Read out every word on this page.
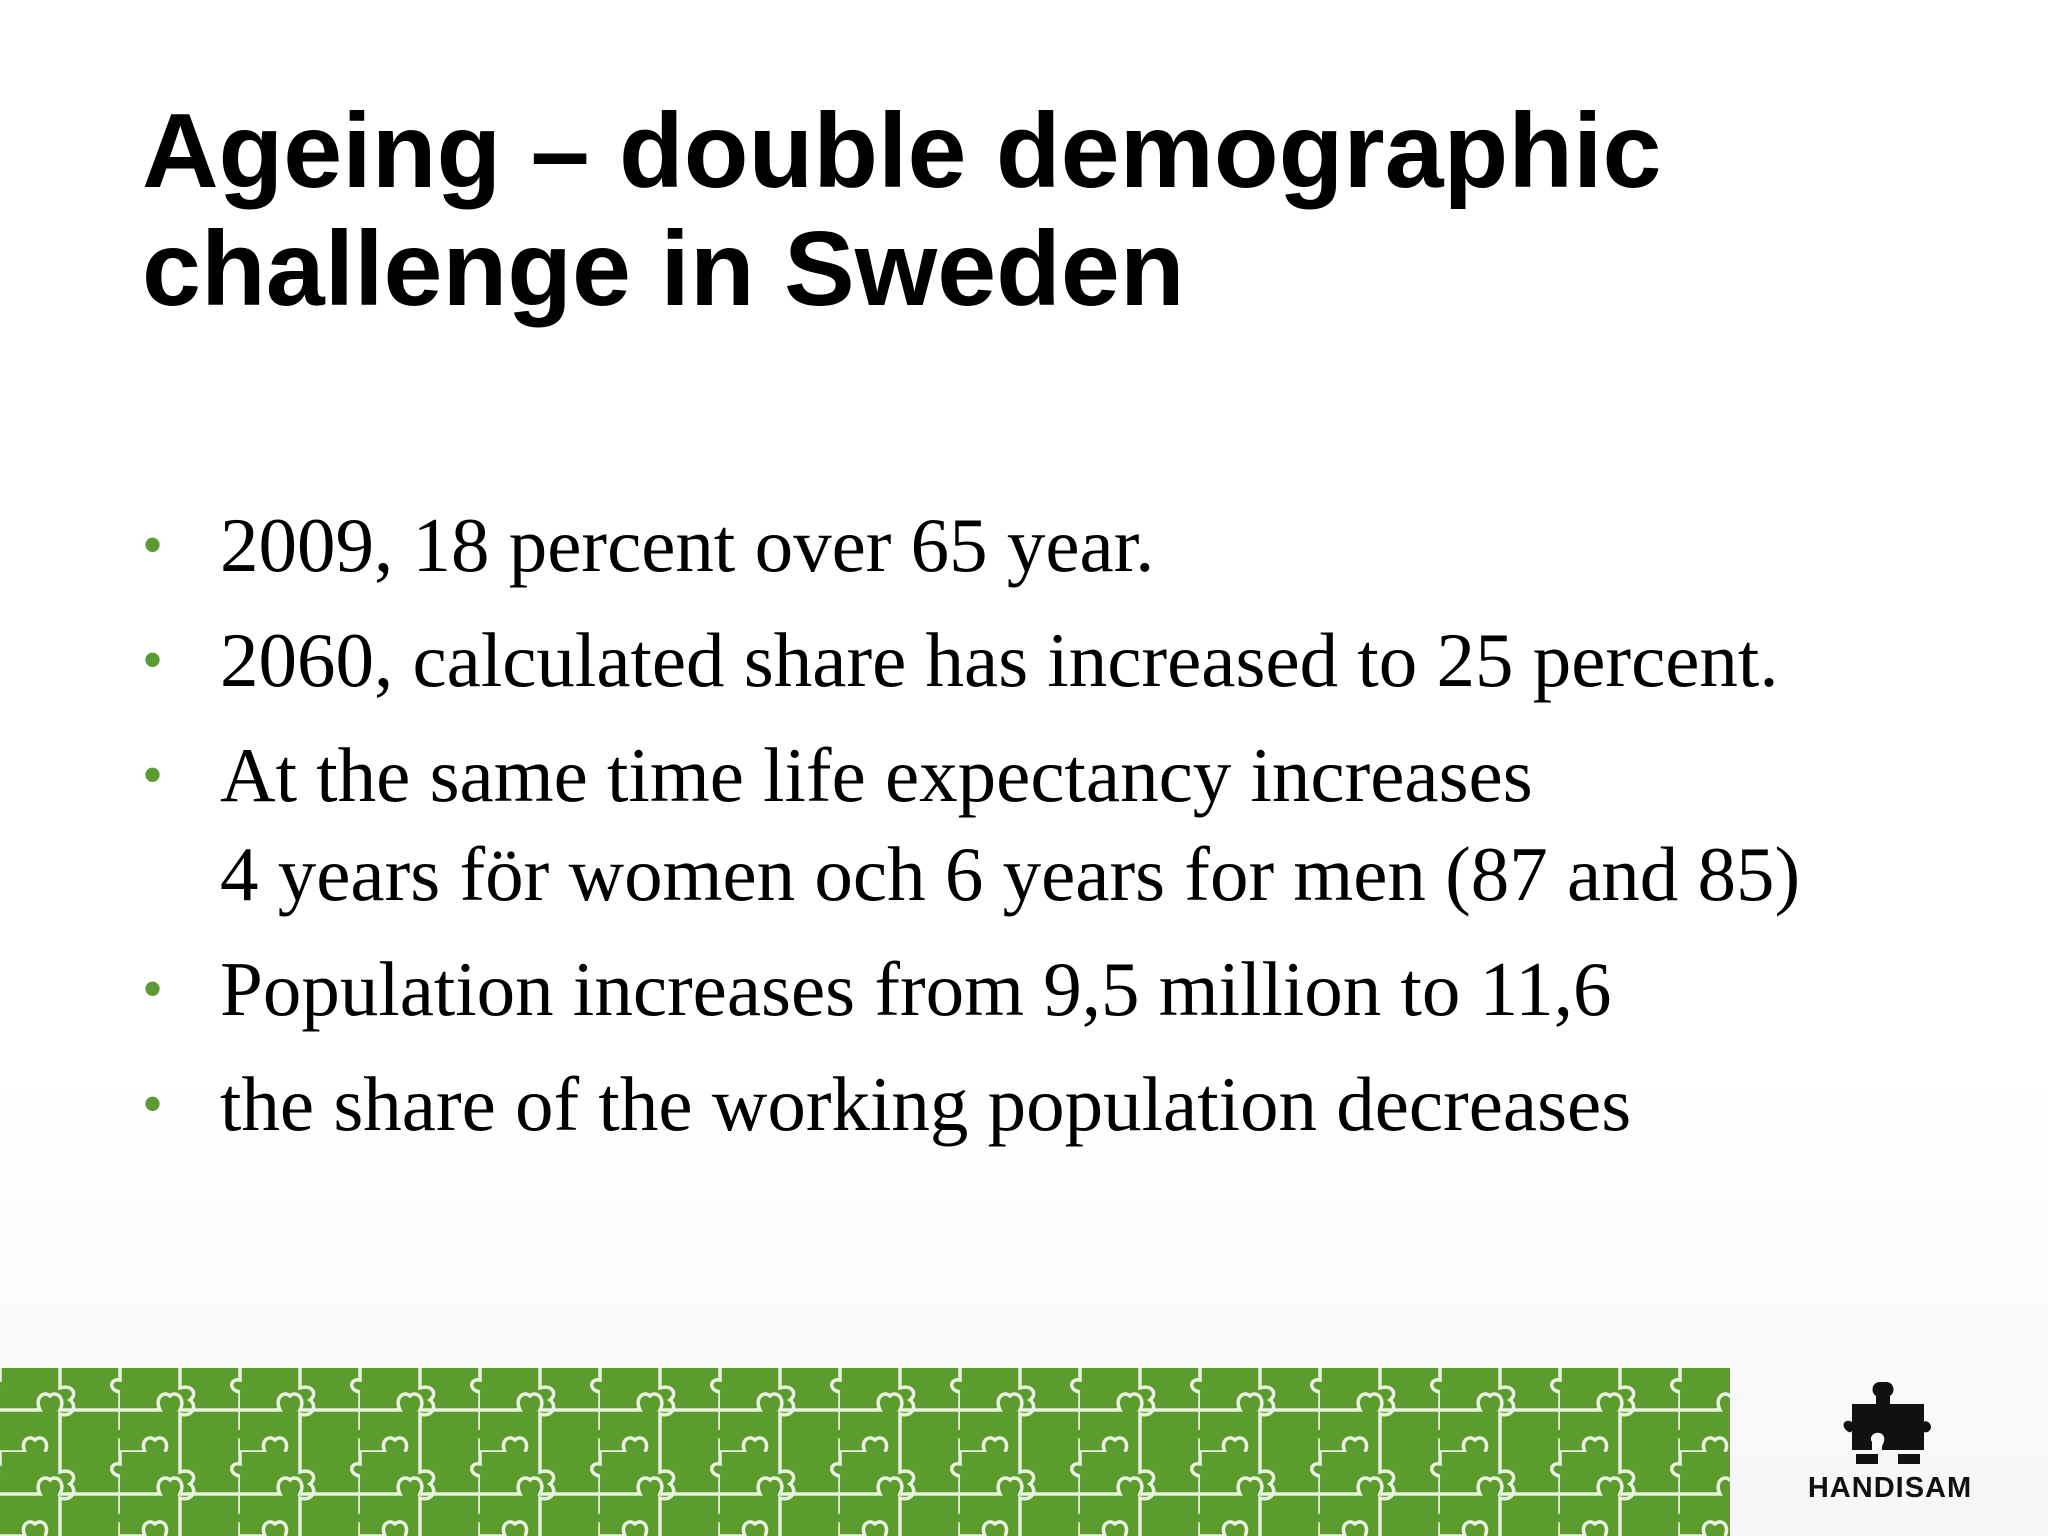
Ageing – double demographic
challenge in Sweden
• 2009, 18 percent over 65 year.
• 2060, calculated share has increased to 25 percent.
• At the same time life expectancy increases
4 years för women och 6 years for men (87 and 85)
• Population increases from 9,5 million to 11,6
• the share of the working population decreases
HANDISAM
